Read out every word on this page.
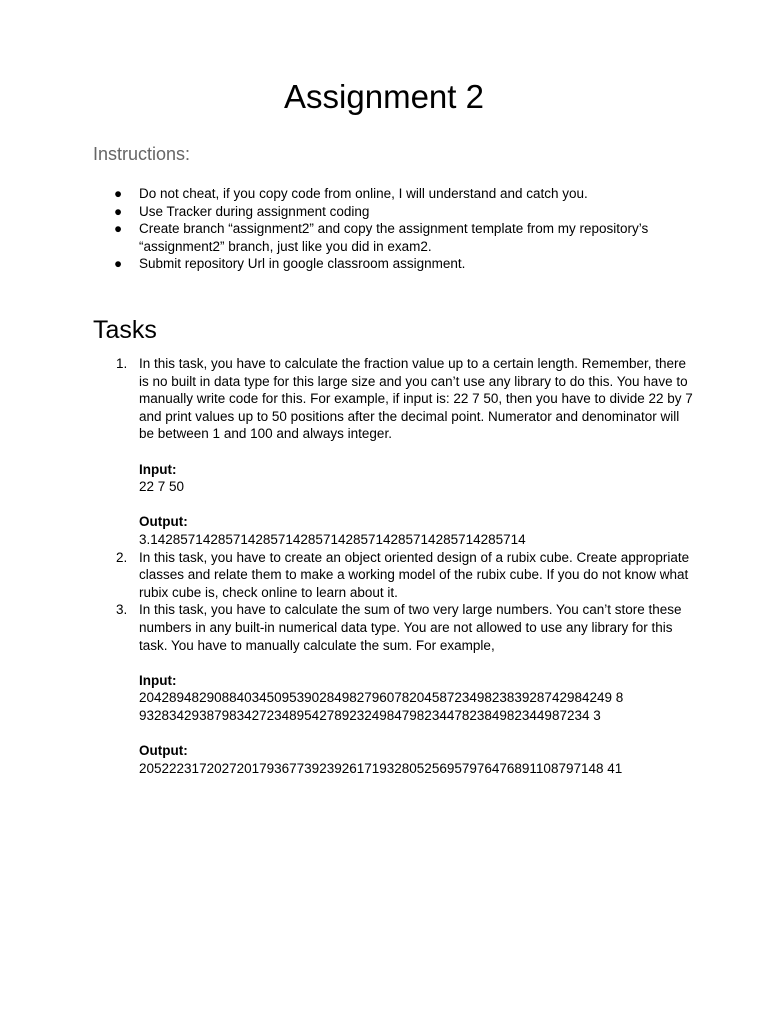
Assignment 2
Instructions:
● Do not cheat, if you copy code from online, I will understand and catch you.
● Use Tracker during assignment coding
● Create branch “assignment2” and copy the assignment template from my repository’s “assignment2” branch, just like you did in exam2.
● Submit repository Url in google classroom assignment.
Tasks
1. In this task, you have to calculate the fraction value up to a certain length. Remember, there is no built in data type for this large size and you can’t use any library to do this. You have to manually write code for this. For example, if input is: 22 7 50, then you have to divide 22 by 7 and print values up to 50 positions after the decimal point. Numerator and denominator will be between 1 and 100 and always integer.

Input:

22 7 50

Output:

3.14285714285714285714285714285714285714285714285714

2. In this task, you have to create an object oriented design of a rubix cube. Create appropriate classes and relate them to make a working model of the rubix cube. If you do not know what rubix cube is, check online to learn about it.

3. In this task, you have to calculate the sum of two very large numbers. You can’t store these numbers in any built-in numerical data type. You are not allowed to use any library for this task. You have to manually calculate the sum. For example,

Input:

204289482908840345095390284982796078204587234982383928742984249 8

932834293879834272348954278923249847982344782384982344987234 3

Output:

20522231720272017936773923926171932805256957976476891108797148 41
